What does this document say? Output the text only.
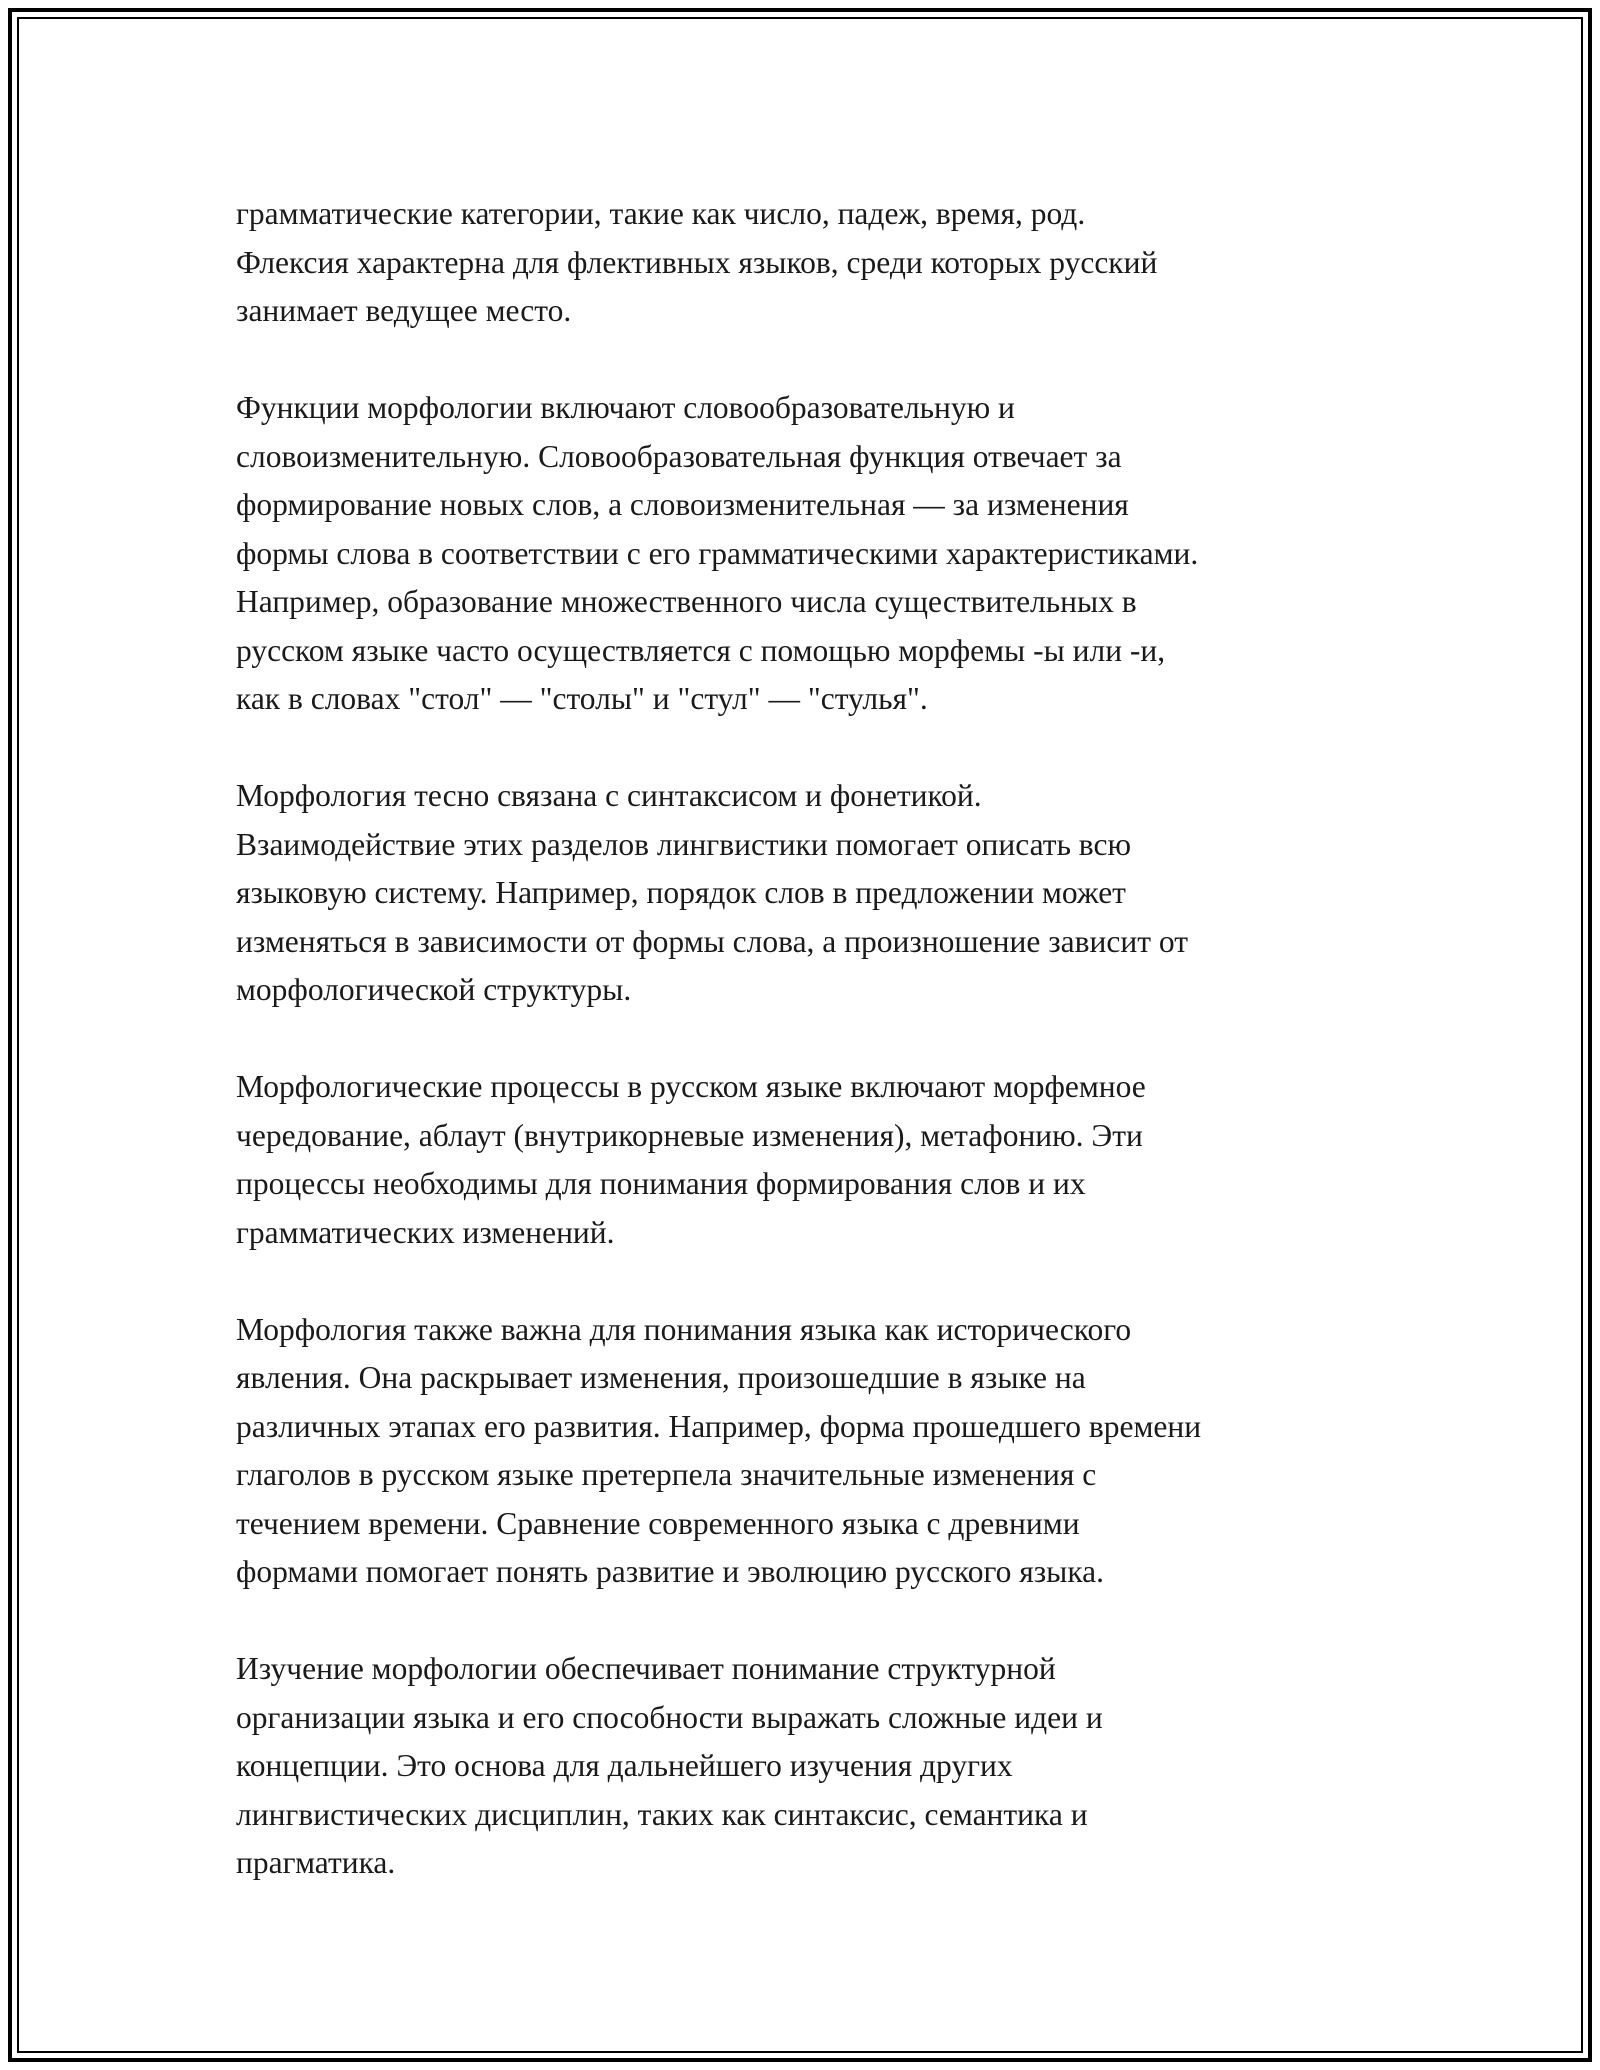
грамматические категории, такие как число, падеж, время, род.
Флексия характерна для флективных языков, среди которых русский
занимает ведущее место.
Функции морфологии включают словообразовательную и
словоизменительную. Словообразовательная функция отвечает за
формирование новых слов, а словоизменительная — за изменения
формы слова в соответствии с его грамматическими характеристиками.
Например, образование множественного числа существительных в
русском языке часто осуществляется с помощью морфемы -ы или -и,
как в словах "стол" — "столы" и "стул" — "стулья".
Морфология тесно связана с синтаксисом и фонетикой.
Взаимодействие этих разделов лингвистики помогает описать всю
языковую систему. Например, порядок слов в предложении может
изменяться в зависимости от формы слова, а произношение зависит от
морфологической структуры.
Морфологические процессы в русском языке включают морфемное
чередование, аблаут (внутрикорневые изменения), метафонию. Эти
процессы необходимы для понимания формирования слов и их
грамматических изменений.
Морфология также важна для понимания языка как исторического
явления. Она раскрывает изменения, произошедшие в языке на
различных этапах его развития. Например, форма прошедшего времени
глаголов в русском языке претерпела значительные изменения с
течением времени. Сравнение современного языка с древними
формами помогает понять развитие и эволюцию русского языка.
Изучение морфологии обеспечивает понимание структурной
организации языка и его способности выражать сложные идеи и
концепции. Это основа для дальнейшего изучения других
лингвистических дисциплин, таких как синтаксис, семантика и
прагматика.
